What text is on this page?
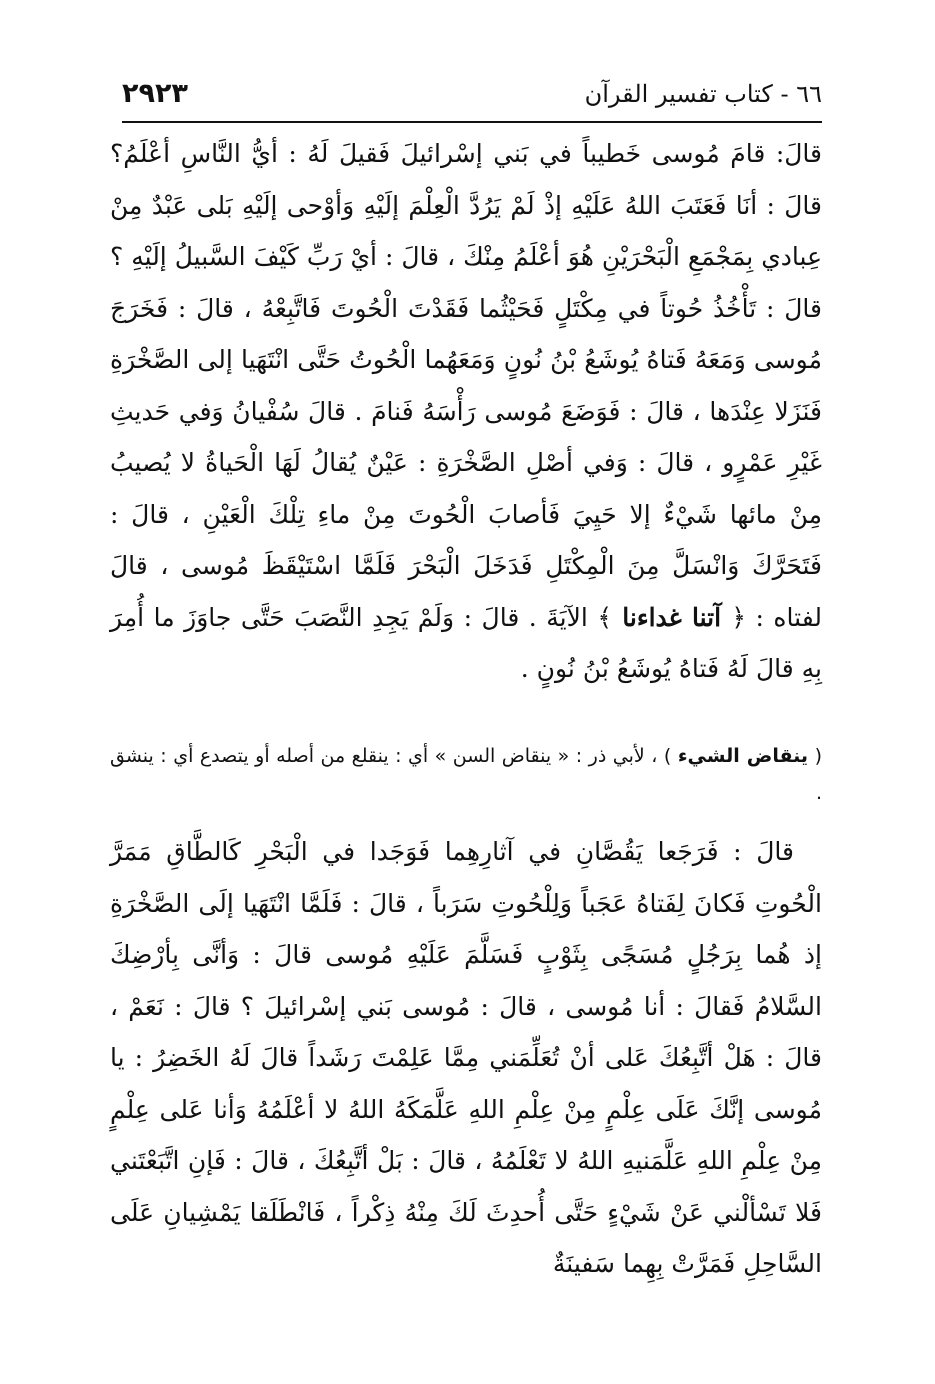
٦٦ - كتاب تفسير القرآن
٢٩٢٣

قالَ: قامَ مُوسى خَطيباً في بَني إسْرائيلَ فَقيلَ لَهُ : أيُّ النَّاسِ أعْلَمُ؟ قالَ : أنَا فَعَتَبَ اللهُ عَلَيْهِ إذْ لَمْ يَرُدَّ الْعِلْمَ إلَيْهِ وَأوْحى إلَيْهِ بَلى عَبْدٌ مِنْ عِبادي بِمَجْمَعِ الْبَحْرَيْنِ هُوَ أعْلَمُ مِنْكَ ، قالَ : أيْ رَبِّ كَيْفَ السَّبيلُ إلَيْهِ ؟ قالَ : تَأْخُذُ حُوتاً في مِكْتَلٍ فَحَيْثُما فَقَدْتَ الْحُوتَ فَاتَّبِعْهُ ، قالَ : فَخَرَجَ مُوسى وَمَعَهُ فَتاهُ يُوشَعُ بْنُ نُونٍ وَمَعَهُما الْحُوتُ حَتَّى انْتَهَيا إلى الصَّخْرَةِ فَنَزَلا عِنْدَها ، قالَ : فَوَضَعَ مُوسى رَأْسَهُ فَنامَ . قالَ سُفْيانُ وَفي حَديثِ غَيْرِ عَمْرٍو ، قالَ : وَفي أصْلِ الصَّخْرَةِ : عَيْنٌ يُقالُ لَهَا الْحَياةُ لا يُصيبُ مِنْ مائها شَيْءٌ إلا حَيِيَ فَأصابَ الْحُوتَ مِنْ ماءِ تِلْكَ الْعَيْنِ ، قالَ : فَتَحَرَّكَ وَانْسَلَّ مِنَ الْمِكْتَلِ فَدَخَلَ الْبَحْرَ فَلَمَّا اسْتَيْقَظَ مُوسى ، قالَ لفتاه : ﴿ آتنا غداءنا ﴾ الآيَةَ . قالَ : وَلَمْ يَجِدِ النَّصَبَ حَتَّى جاوَزَ ما أُمِرَ بِهِ قالَ لَهُ فَتاهُ يُوشَعُ بْنُ نُونٍ .

( ينقاض الشيء ) ، لأبي ذر : « ينقاض السن » أي : ينقلع من أصله أو يتصدع أي : ينشق .

قالَ : فَرَجَعا يَقُصَّانِ في آثارِهِما فَوَجَدا في الْبَحْرِ كَالطَّاقِ مَمَرَّ الْحُوتِ فَكانَ لِفَتاهُ عَجَباً وَلِلْحُوتِ سَرَباً ، قالَ : فَلَمَّا انْتَهَيا إلَى الصَّخْرَةِ إذ هُما بِرَجُلٍ مُسَجًى بِثَوْبٍ فَسَلَّمَ عَلَيْهِ مُوسى قالَ : وَأنَّى بِأرْضِكَ السَّلامُ فَقالَ : أنا مُوسى ، قالَ : مُوسى بَني إسْرائيلَ ؟ قالَ : نَعَمْ ، قالَ : هَلْ أتَّبِعُكَ عَلى أنْ تُعَلِّمَني مِمَّا عَلِمْتَ رَشَداً قالَ لَهُ الخَضِرُ : يا مُوسى إنَّكَ عَلَى عِلْمٍ مِنْ عِلْمِ اللهِ عَلَّمَكَهُ اللهُ لا أعْلَمُهُ وَأنا عَلى عِلْمٍ مِنْ عِلْمِ اللهِ عَلَّمَنيهِ اللهُ لا تَعْلَمُهُ ، قالَ : بَلْ أتَّبِعُكَ ، قالَ : فَإنِ اتَّبَعْتَني فَلا تَسْألْني عَنْ شَيْءٍ حَتَّى أُحدِثَ لَكَ مِنْهُ ذِكْراً ، فَانْطَلَقا يَمْشِيانِ عَلَى السَّاحِلِ فَمَرَّتْ بِهِما سَفينَةٌ
